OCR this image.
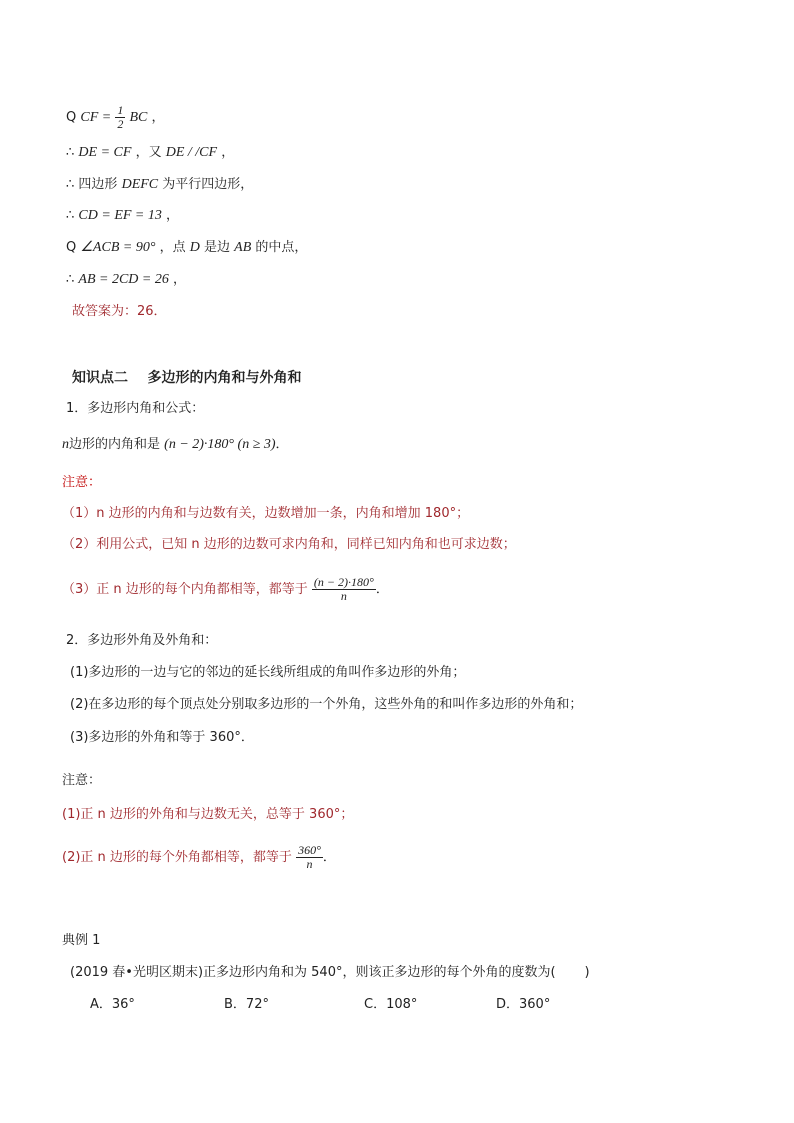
Q CF = $\frac{1}{2}$ BC ，
∴ DE = CF ，又 DE / /CF ，
∴ 四边形 DEFC 为平行四边形，
∴ CD = EF = 13 ，
Q ∠ACB = 90° ，点 D 是边 AB 的中点，
∴ AB = 2CD = 26 ，
故答案为：26．
知识点二    多边形的内角和与外角和
1．多边形内角和公式：
n边形的内角和是 (n − 2)·180° (n ≥ 3)．
注意：
（1）n 边形的内角和与边数有关，边数增加一条，内角和增加 180°；
（2）利用公式，已知 n 边形的边数可求内角和，同样已知内角和也可求边数；
（3）正 n 边形的每个内角都相等，都等于 $\frac{(n - 2)\cdot 180^\circ}{n}$ ．
2．多边形外角及外角和：
(1)多边形的一边与它的邻边的延长线所组成的角叫作多边形的外角；
(2)在多边形的每个顶点处分别取多边形的一个外角，这些外角的和叫作多边形的外角和；
(3)多边形的外角和等于 360°．
注意：
(1)正 n 边形的外角和与边数无关，总等于 360°；
(2)正 n 边形的每个外角都相等，都等于 $\frac{360^\circ}{n}$ ．
典例 1
(2019 春•光明区期末)正多边形内角和为 540°，则该正多边形的每个外角的度数为(       )
A．36°	B．72°	C．108°	D．360°
